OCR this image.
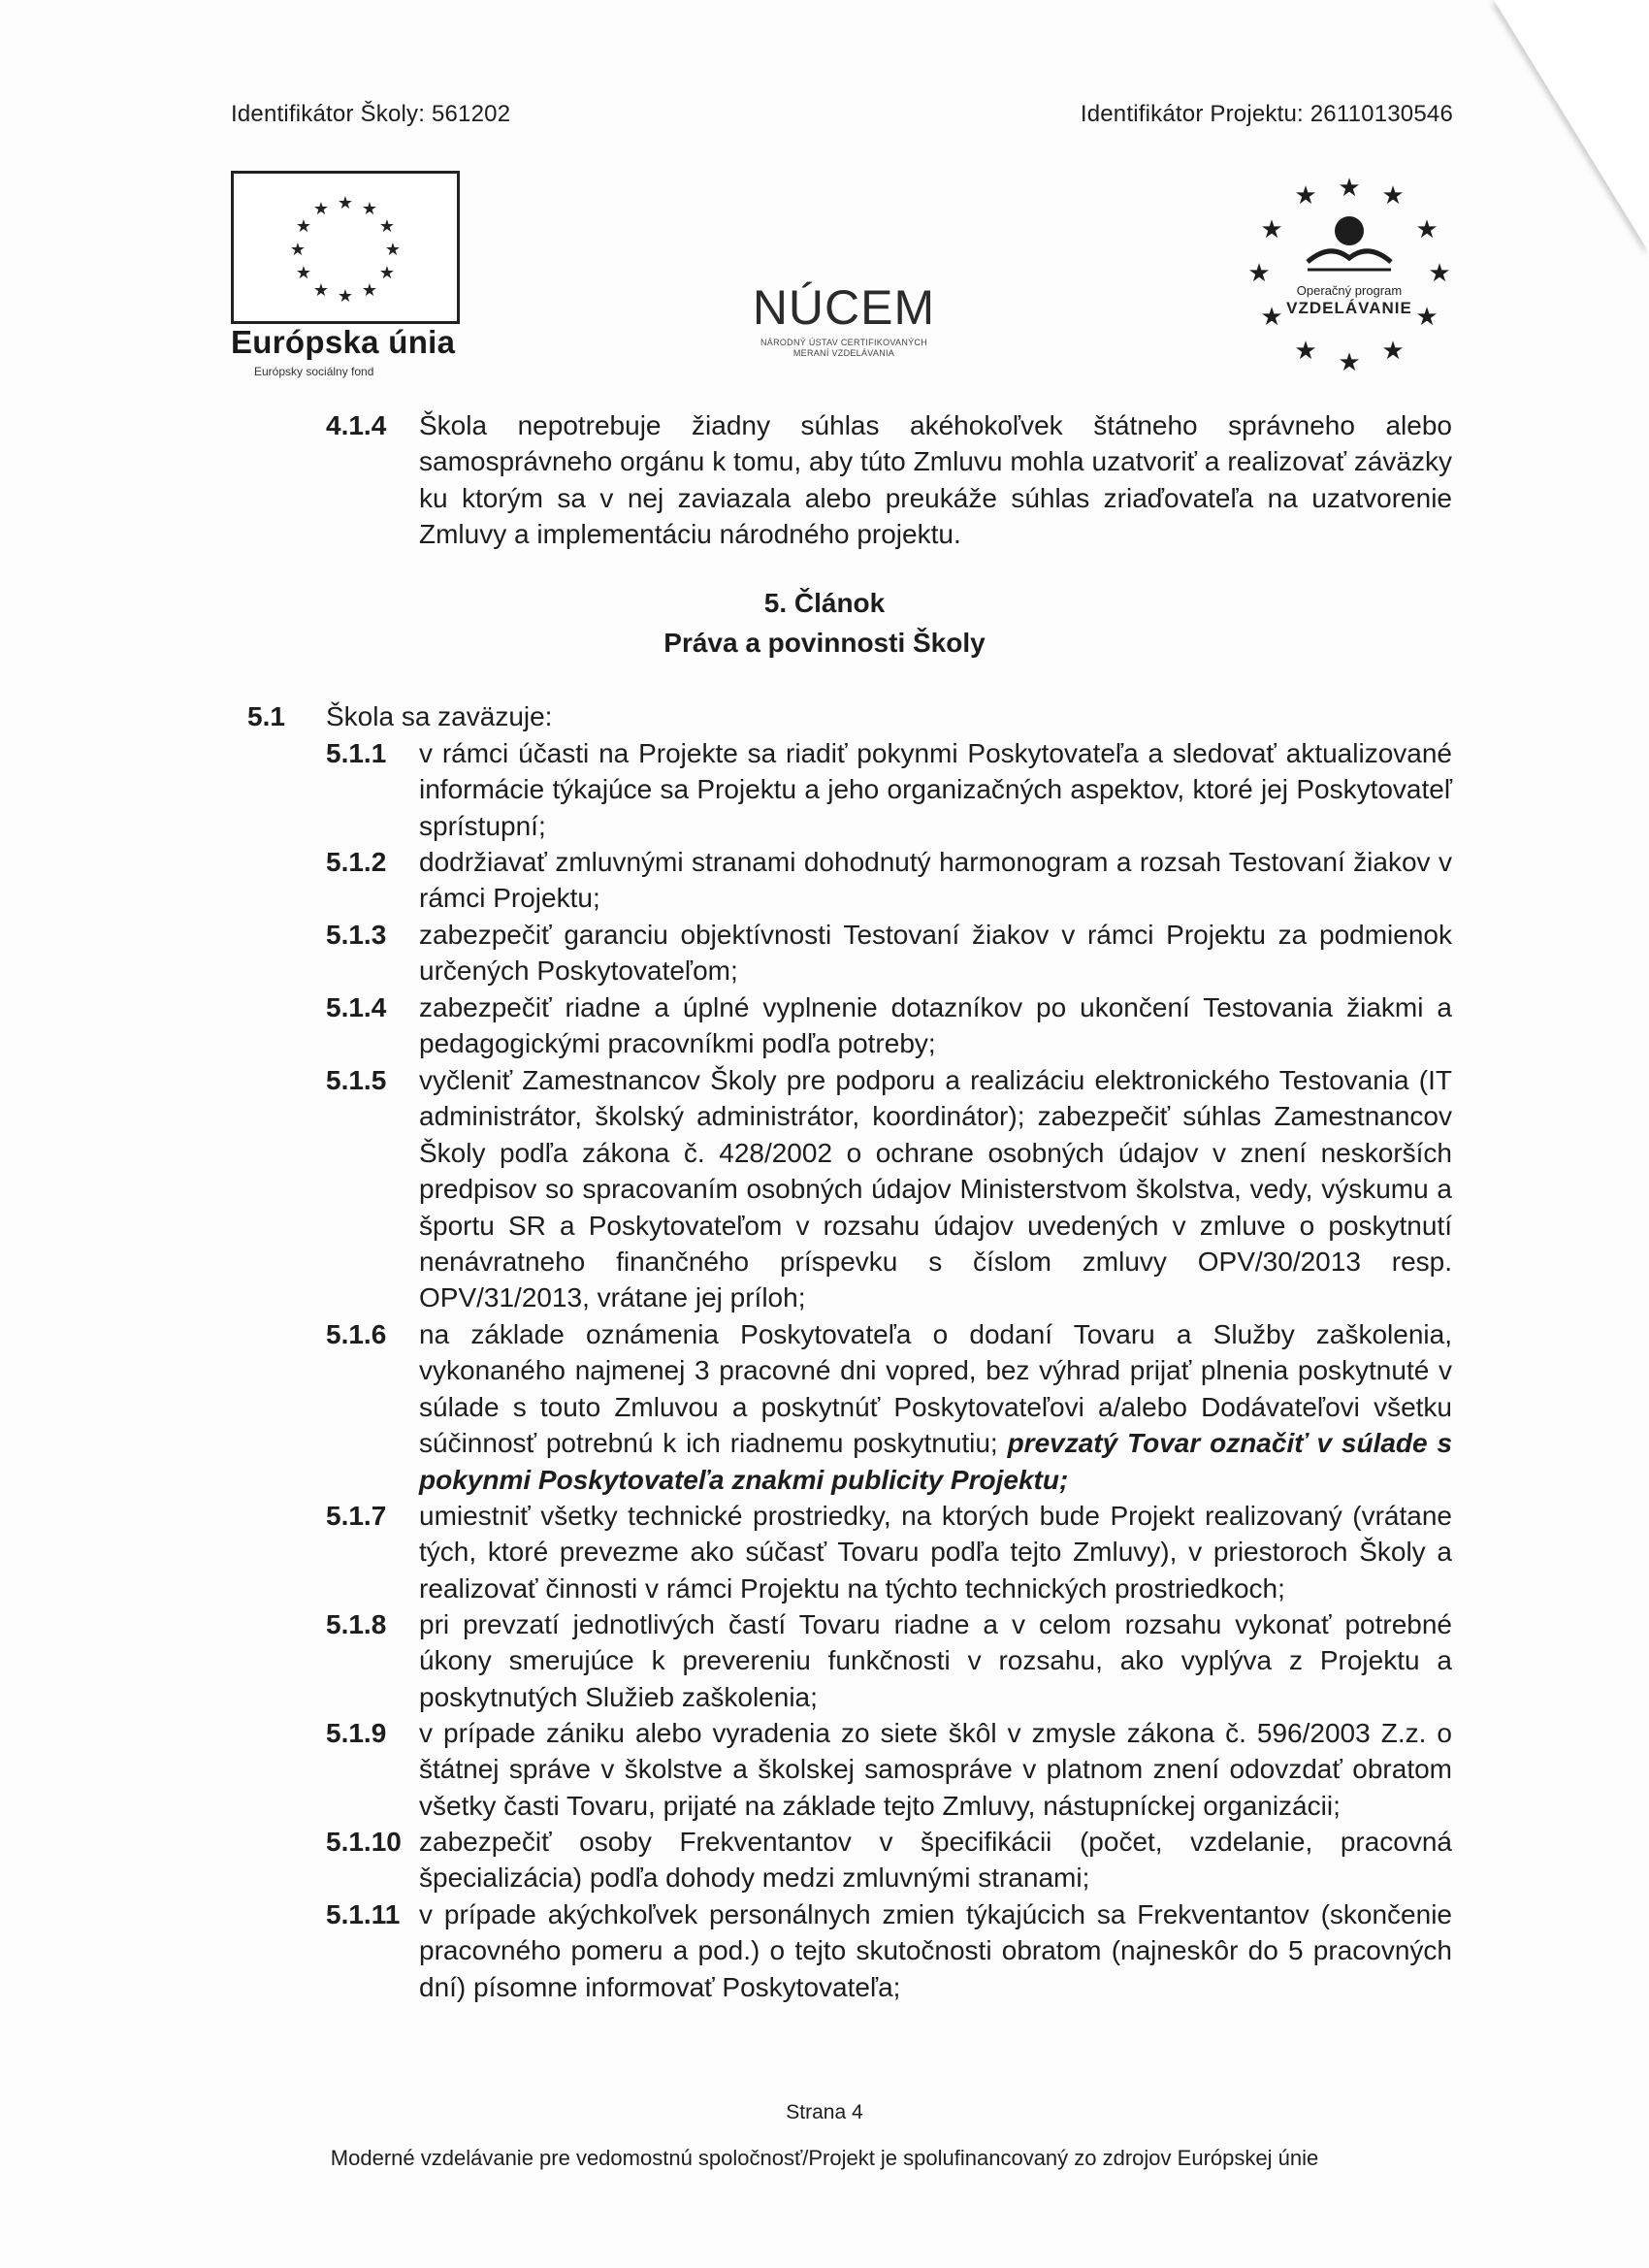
Identifikátor Školy: 561202	Identifikátor Projektu: 26110130546
★ ★
★
★
★
★
★
★
★
★
★
★
Európska únia
Európsky sociálny fond
NÚCEM
NÁRODNÝ ÚSTAV CERTIFIKOVANÝCH
MERANÍ VZDELÁVANIA
★
★	★
★	★
★	★
★	★
★	★
★
Operačný program
VZDELÁVANIE
4.1.4 Škola nepotrebuje žiadny súhlas akéhokoľvek štátneho správneho alebo samosprávneho orgánu k tomu, aby túto Zmluvu mohla uzatvoriť a realizovať záväzky ku ktorým sa v nej zaviazala alebo preukáže súhlas zriaďovateľa na uzatvorenie Zmluvy a implementáciu národného projektu.
5. Článok
Práva a povinnosti Školy
5.1 Škola sa zaväzuje:
5.1.1 v rámci účasti na Projekte sa riadiť pokynmi Poskytovateľa a sledovať aktualizované informácie týkajúce sa Projektu a jeho organizačných aspektov, ktoré jej Poskytovateľ sprístupní;
5.1.2 dodržiavať zmluvnými stranami dohodnutý harmonogram a rozsah Testovaní žiakov v rámci Projektu;
5.1.3 zabezpečiť garanciu objektívnosti Testovaní žiakov v rámci Projektu za podmienok určených Poskytovateľom;
5.1.4 zabezpečiť riadne a úplné vyplnenie dotazníkov po ukončení Testovania žiakmi a pedagogickými pracovníkmi podľa potreby;
5.1.5 vyčleniť Zamestnancov Školy pre podporu a realizáciu elektronického Testovania (IT administrátor, školský administrátor, koordinátor); zabezpečiť súhlas Zamestnancov Školy podľa zákona č. 428/2002 o ochrane osobných údajov v znení neskorších predpisov so spracovaním osobných údajov Ministerstvom školstva, vedy, výskumu a športu SR a Poskytovateľom v rozsahu údajov uvedených v zmluve o poskytnutí nenávratneho finančného príspevku s číslom zmluvy OPV/30/2013 resp. OPV/31/2013, vrátane jej príloh;
5.1.6 na základe oznámenia Poskytovateľa o dodaní Tovaru a Služby zaškolenia, vykonaného najmenej 3 pracovné dni vopred, bez výhrad prijať plnenia poskytnuté v súlade s touto Zmluvou a poskytnúť Poskytovateľovi a/alebo Dodávateľovi všetku súčinnosť potrebnú k ich riadnemu poskytnutiu; prevzatý Tovar označiť v súlade s pokynmi Poskytovateľa znakmi publicity Projektu;
5.1.7 umiestniť všetky technické prostriedky, na ktorých bude Projekt realizovaný (vrátane tých, ktoré prevezme ako súčasť Tovaru podľa tejto Zmluvy), v priestoroch Školy a realizovať činnosti v rámci Projektu na týchto technických prostriedkoch;
5.1.8 pri prevzatí jednotlivých častí Tovaru riadne a v celom rozsahu vykonať potrebné úkony smerujúce k prevereniu funkčnosti v rozsahu, ako vyplýva z Projektu a poskytnutých Služieb zaškolenia;
5.1.9 v prípade zániku alebo vyradenia zo siete škôl v zmysle zákona č. 596/2003 Z.z. o štátnej správe v školstve a školskej samospráve v platnom znení odovzdať obratom všetky časti Tovaru, prijaté na základe tejto Zmluvy, nástupníckej organizácii;
5.1.10 zabezpečiť osoby Frekventantov v špecifikácii (počet, vzdelanie, pracovná špecializácia) podľa dohody medzi zmluvnými stranami;
5.1.11 v prípade akýchkoľvek personálnych zmien týkajúcich sa Frekventantov (skončenie pracovného pomeru a pod.) o tejto skutočnosti obratom (najneskôr do 5 pracovných dní) písomne informovať Poskytovateľa;
Strana 4
Moderné vzdelávanie pre vedomostnú spoločnosť/Projekt je spolufinancovaný zo zdrojov Európskej únie
